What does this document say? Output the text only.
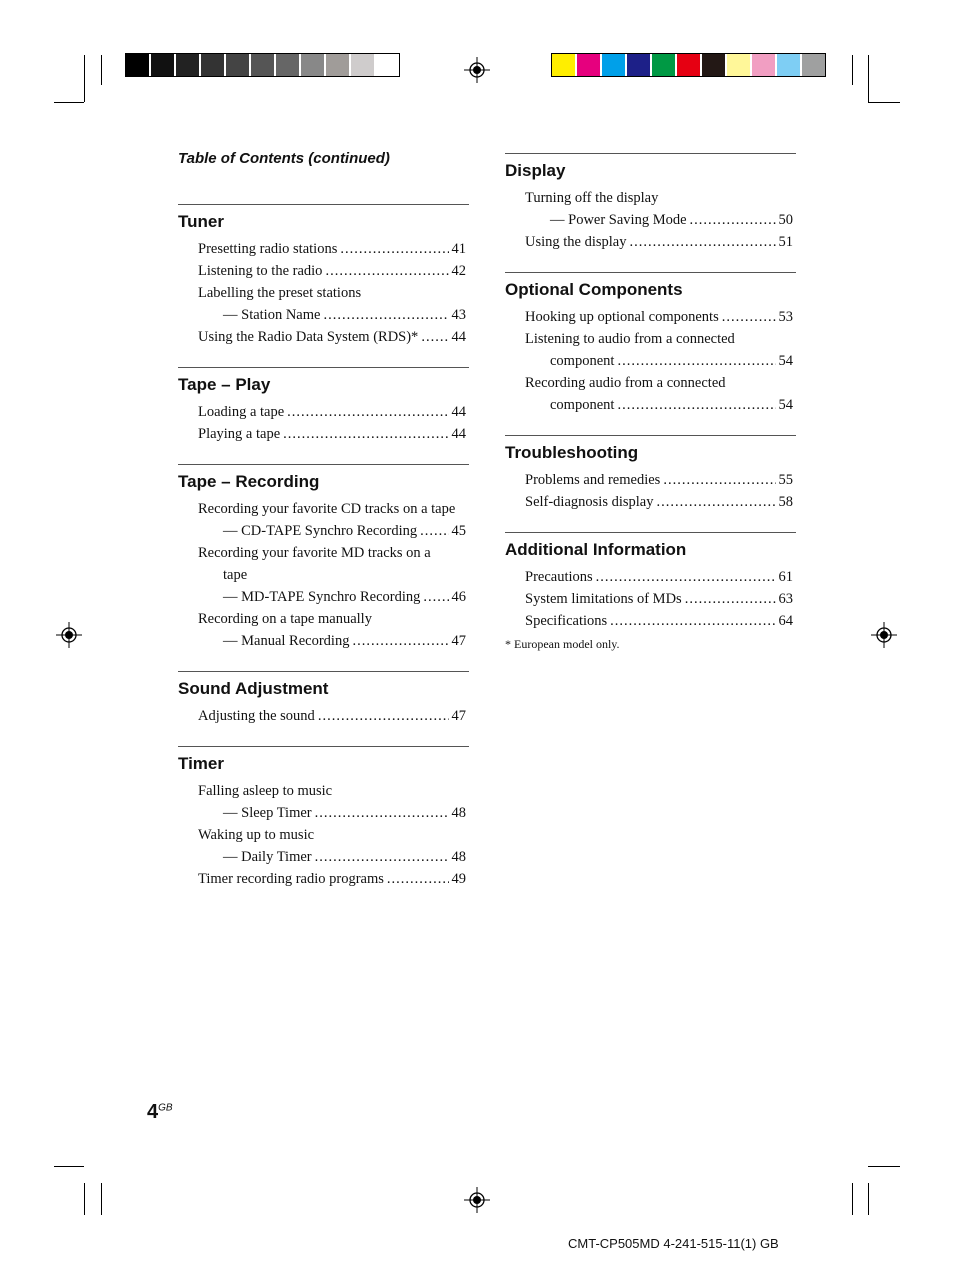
Table of Contents (continued)
Tuner
Presetting radio stations .....	41
Listening to the radio .....	42
Labelling the preset stations
— Station Name .....	43
Using the Radio Data System (RDS)* ..... 44
Tape – Play
Loading a tape .....	44
Playing a tape .....	44
Tape – Recording
Recording your favorite CD tracks on a tape
— CD-TAPE Synchro Recording ..... 45
Recording your favorite MD tracks on a
tape
— MD-TAPE Synchro Recording ..... 46
Recording on a tape manually
— Manual Recording .....	47
Sound Adjustment
Adjusting the sound .....	47
Timer
Falling asleep to music
— Sleep Timer .....	48
Waking up to music
— Daily Timer .....	48
Timer recording radio programs .....	49
Display
Turning off the display
— Power Saving Mode .....	50
Using the display .....	51
Optional Components
Hooking up optional components .....	53
Listening to audio from a connected
component .....	54
Recording audio from a connected
component .....	54
Troubleshooting
Problems and remedies .....	55
Self-diagnosis display .....	58
Additional Information
Precautions .....	61
System limitations of MDs .....	63
Specifications .....	64
* European model only.
$4^{GB}$
CMT-CP505MD 4-241-515-11(1) GB
